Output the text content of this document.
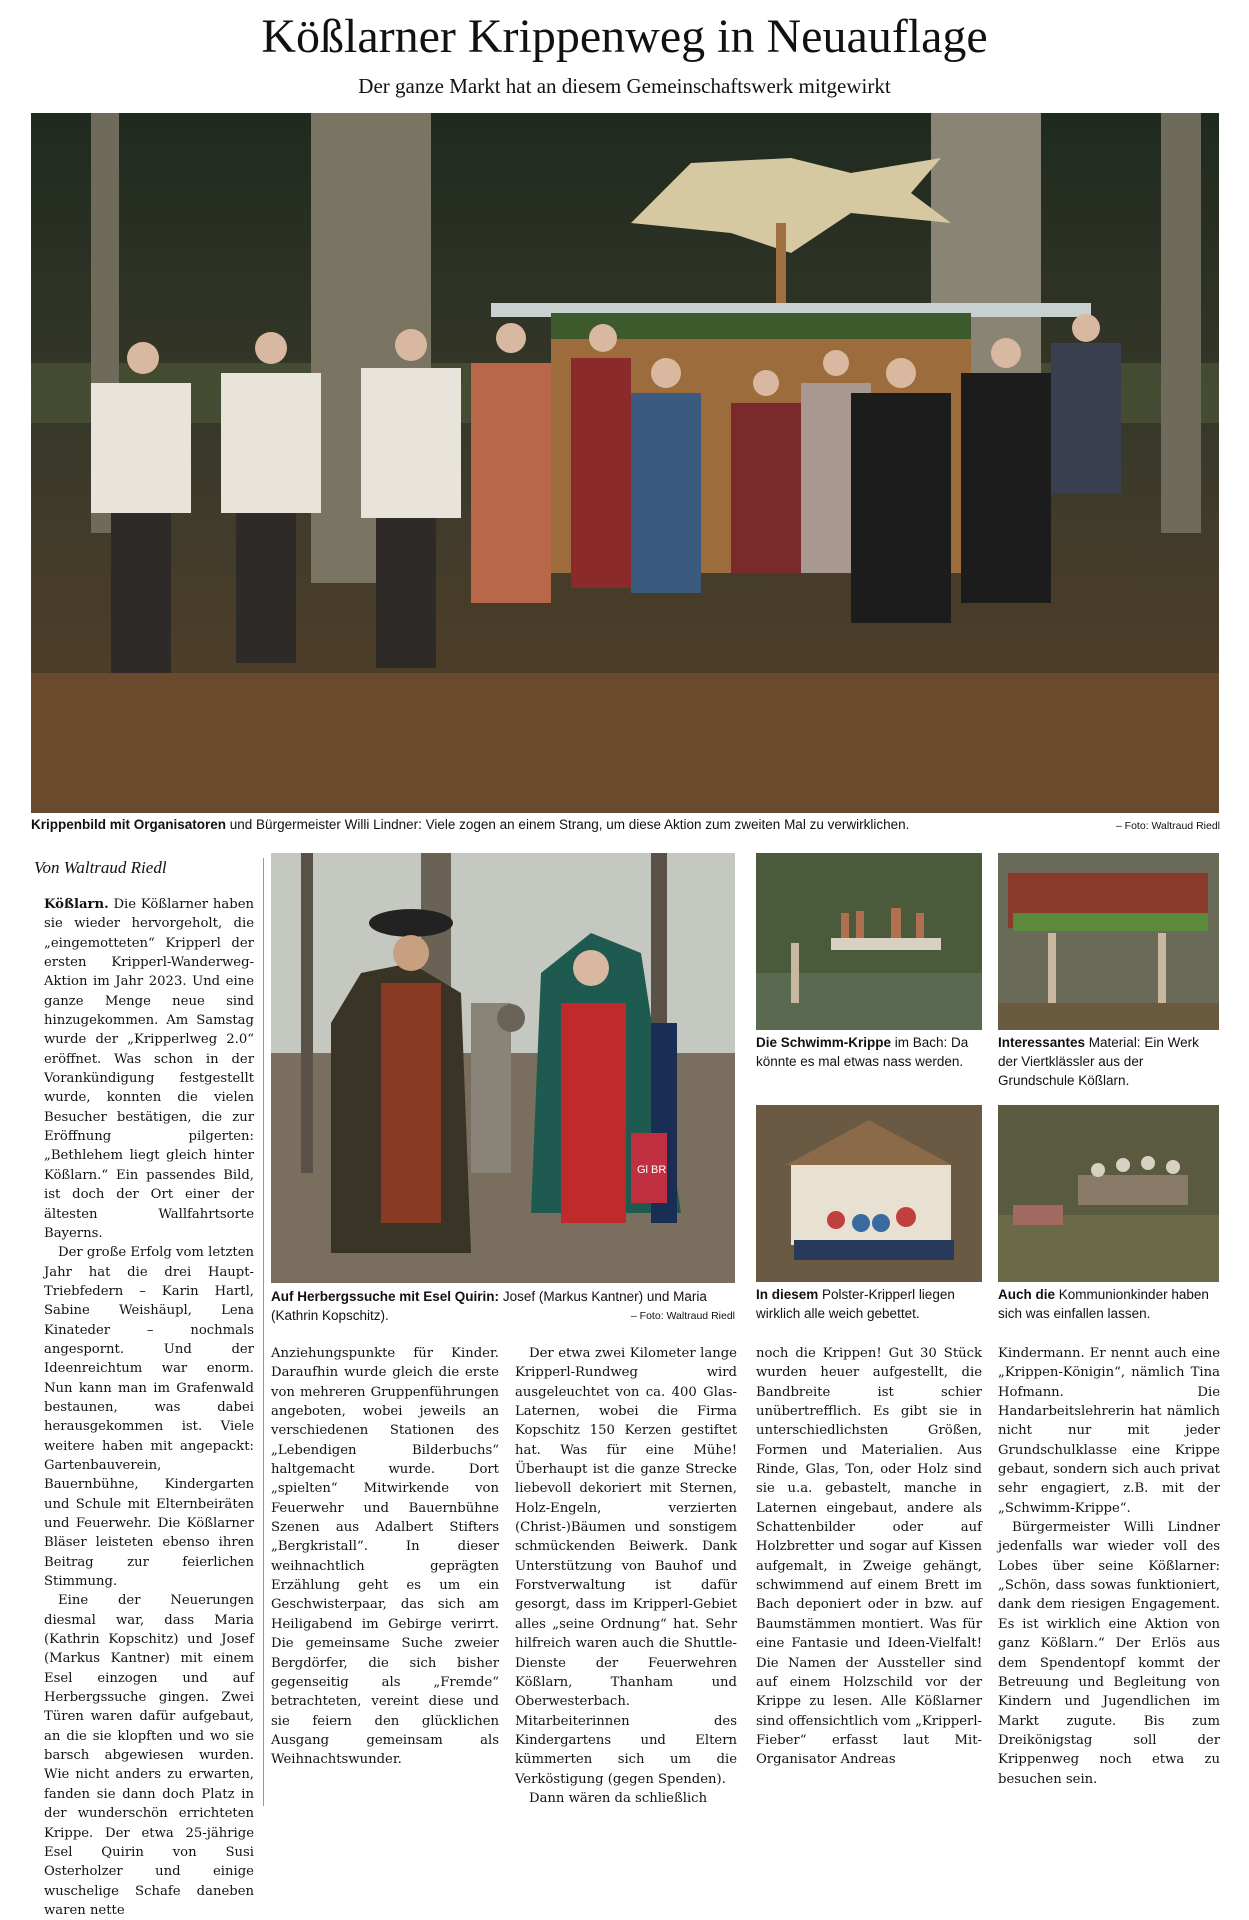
Kößlarner Krippenweg in Neuauflage
Der ganze Markt hat an diesem Gemeinschaftswerk mitgewirkt
Krippenbild mit Organisatoren und Bürgermeister Willi Lindner: Viele zogen an einem Strang, um diese Aktion zum zweiten Mal zu verwirklichen.	– Foto: Waltraud Riedl
Von Waltraud Riedl
Gl BR
Auf Herbergssuche mit Esel Quirin: Josef (Markus Kantner) und Maria (Kathrin Kopschitz).	– Foto: Waltraud Riedl
Die Schwimm-Krippe im Bach: Da könnte es mal etwas nass werden.
Interessantes Material: Ein Werk der Viertklässler aus der Grundschule Kößlarn.
In diesem Polster-Kripperl liegen wirklich alle weich gebettet.
Auch die Kommunionkinder haben sich was einfallen lassen.

Kößlarn. Die Kößlarner haben sie wieder hervorgeholt, die „eingemotteten“ Kripperl der ersten Kripperl-Wanderweg-Aktion im Jahr 2023. Und eine ganze Menge neue sind hinzugekommen. Am Samstag wurde der „Kripperlweg 2.0“ eröffnet. Was schon in der Vorankündigung festgestellt wurde, konnten die vielen Besucher bestätigen, die zur Eröffnung pilgerten: „Bethlehem liegt gleich hinter Kößlarn.“ Ein passendes Bild, ist doch der Ort einer der ältesten Wallfahrtsorte Bayerns.

Der große Erfolg vom letzten Jahr hat die drei Haupt-Triebfedern – Karin Hartl, Sabine Weishäupl, Lena Kinateder – nochmals angespornt. Und der Ideenreichtum war enorm. Nun kann man im Grafenwald bestaunen, was dabei herausgekommen ist. Viele weitere haben mit angepackt: Gartenbauverein, Bauernbühne, Kindergarten und Schule mit Elternbeiräten und Feuerwehr. Die Kößlarner Bläser leisteten ebenso ihren Beitrag zur feierlichen Stimmung.

Eine der Neuerungen diesmal war, dass Maria (Kathrin Kopschitz) und Josef (Markus Kantner) mit einem Esel einzogen und auf Herbergssuche gingen. Zwei Türen waren dafür aufgebaut, an die sie klopften und wo sie barsch abgewiesen wurden. Wie nicht anders zu erwarten, fanden sie dann doch Platz in der wunderschön errichteten Krippe. Der etwa 25-jährige Esel Quirin von Susi Osterholzer und einige wuschelige Schafe daneben waren nette

Anziehungspunkte für Kinder. Daraufhin wurde gleich die erste von mehreren Gruppenführungen angeboten, wobei jeweils an verschiedenen Stationen des „Lebendigen Bilderbuchs“ haltgemacht wurde. Dort „spielten“ Mitwirkende von Feuerwehr und Bauernbühne Szenen aus Adalbert Stifters „Bergkristall“. In dieser weihnachtlich geprägten Erzählung geht es um ein Geschwisterpaar, das sich am Heiligabend im Gebirge verirrt. Die gemeinsame Suche zweier Bergdörfer, die sich bisher gegenseitig als „Fremde“ betrachteten, vereint diese und sie feiern den glücklichen Ausgang gemeinsam als Weihnachtswunder.

Der etwa zwei Kilometer lange Kripperl-Rundweg wird ausgeleuchtet von ca. 400 Glas-Laternen, wobei die Firma Kopschitz 150 Kerzen gestiftet hat. Was für eine Mühe! Überhaupt ist die ganze Strecke liebevoll dekoriert mit Sternen, Holz-Engeln, verzierten (Christ-)Bäumen und sonstigem schmückenden Beiwerk. Dank Unterstützung von Bauhof und Forstverwaltung ist dafür gesorgt, dass im Kripperl-Gebiet alles „seine Ordnung“ hat. Sehr hilfreich waren auch die Shuttle-Dienste der Feuerwehren Kößlarn, Thanham und Oberwesterbach. Mitarbeiterinnen des Kindergartens und Eltern kümmerten sich um die Verköstigung (gegen Spenden).

Dann wären da schließlich

noch die Krippen! Gut 30 Stück wurden heuer aufgestellt, die Bandbreite ist schier unübertrefflich. Es gibt sie in unterschiedlichsten Größen, Formen und Materialien. Aus Rinde, Glas, Ton, oder Holz sind sie u.a. gebastelt, manche in Laternen eingebaut, andere als Schattenbilder oder auf Holzbretter und sogar auf Kissen aufgemalt, in Zweige gehängt, schwimmend auf einem Brett im Bach deponiert oder in bzw. auf Baumstämmen montiert. Was für eine Fantasie und Ideen-Vielfalt! Die Namen der Aussteller sind auf einem Holzschild vor der Krippe zu lesen. Alle Kößlarner sind offensichtlich vom „Kripperl-Fieber“ erfasst laut Mit-Organisator Andreas

Kindermann. Er nennt auch eine „Krippen-Königin“, nämlich Tina Hofmann. Die Handarbeitslehrerin hat nämlich nicht nur mit jeder Grundschulklasse eine Krippe gebaut, sondern sich auch privat sehr engagiert, z.B. mit der „Schwimm-Krippe“.

Bürgermeister Willi Lindner jedenfalls war wieder voll des Lobes über seine Kößlarner: „Schön, dass sowas funktioniert, dank dem riesigen Engagement. Es ist wirklich eine Aktion von ganz Kößlarn.“ Der Erlös aus dem Spendentopf kommt der Betreuung und Begleitung von Kindern und Jugendlichen im Markt zugute. Bis zum Dreikönigstag soll der Krippenweg noch etwa zu besuchen sein.
